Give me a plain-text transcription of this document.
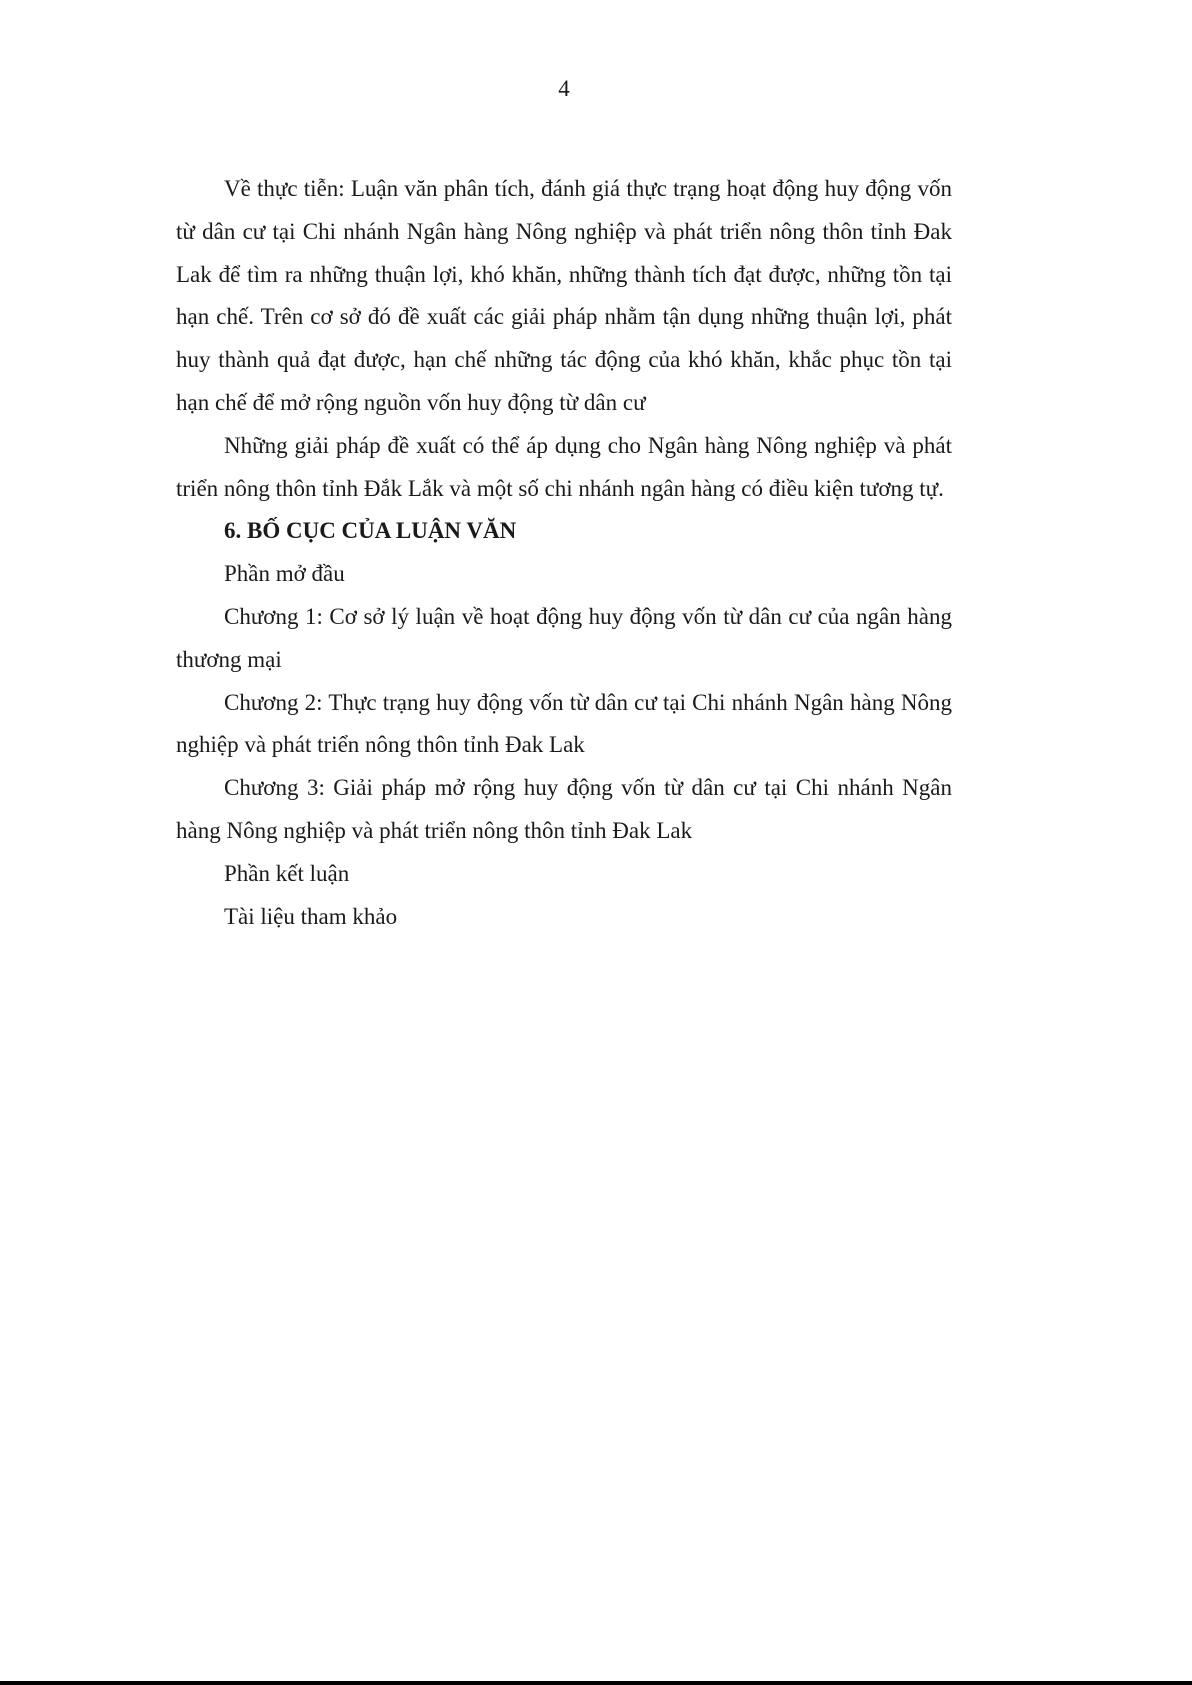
4

Về thực tiễn: Luận văn phân tích, đánh giá thực trạng hoạt động huy động vốn từ dân cư tại Chi nhánh Ngân hàng Nông nghiệp và phát triển nông thôn tỉnh Đak Lak để tìm ra những thuận lợi, khó khăn, những thành tích đạt được, những tồn tại hạn chế. Trên cơ sở đó đề xuất các giải pháp nhằm tận dụng những thuận lợi, phát huy thành quả đạt được, hạn chế những tác động của khó khăn, khắc phục tồn tại hạn chế để mở rộng nguồn vốn huy động từ dân cư

Những giải pháp đề xuất có thể áp dụng cho Ngân hàng Nông nghiệp và phát triển nông thôn tỉnh Đắk Lắk và một số chi nhánh ngân hàng có điều kiện tương tự.

6. BỐ CỤC CỦA LUẬN VĂN

Phần mở đầu

Chương 1: Cơ sở lý luận về hoạt động huy động vốn từ dân cư của ngân hàng thương mại

Chương 2: Thực trạng huy động vốn từ dân cư tại Chi nhánh Ngân hàng Nông nghiệp và phát triển nông thôn tỉnh Đak Lak

Chương 3: Giải pháp mở rộng huy động vốn từ dân cư tại Chi nhánh Ngân hàng Nông nghiệp và phát triển nông thôn tỉnh Đak Lak

Phần kết luận

Tài liệu tham khảo
